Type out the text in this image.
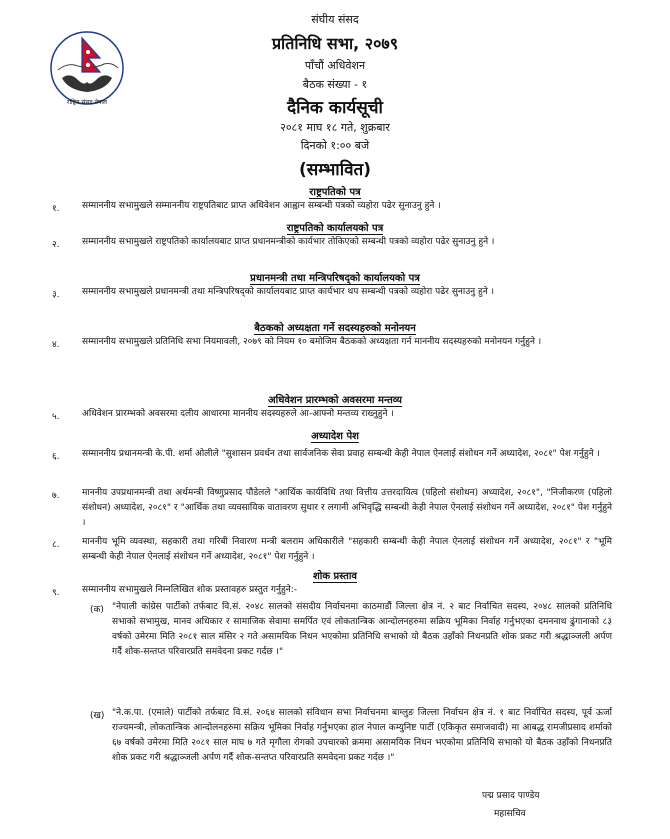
राष्ट्रिय संसद नेपाल
संघीय संसद
प्रतिनिधि सभा, २०७९
पाँचौं अधिवेशन
बैठक संख्या - १
दैनिक कार्यसूची
२०८१ माघ १८ गते, शुक्रबार
दिनको १:०० बजे
(सम्भावित)
राष्ट्रपतिको पत्र
१. सम्माननीय सभामुखले सम्माननीय राष्ट्रपतिबाट प्राप्त अधिवेशन आह्वान सम्बन्धी पत्रको व्यहोरा पढेर सुनाउनु हुने ।
राष्ट्रपतिको कार्यालयको पत्र
२. सम्माननीय सभामुखले राष्ट्रपतिको कार्यालयबाट प्राप्त प्रधानमन्त्रीको कार्यभार तोकिएको सम्बन्धी पत्रको व्यहोरा पढेर सुनाउनु हुने ।
प्रधानमन्त्री तथा मन्त्रिपरिषद्को कार्यालयको पत्र
३. सम्माननीय सभामुखले प्रधानमन्त्री तथा मन्त्रिपरिषद्को कार्यालयबाट प्राप्त कार्यभार थप सम्बन्धी पत्रको व्यहोरा पढेर सुनाउनु हुने ।
बैठकको अध्यक्षता गर्ने सदस्यहरुको मनोनयन
४. सम्माननीय सभामुखले प्रतिनिधि सभा नियमावली, २०७९ को नियम १० बमोजिम बैठकको अध्यक्षता गर्न माननीय सदस्यहरुको मनोनयन गर्नुहुने ।
अधिवेशन प्रारम्भको अवसरमा मन्तव्य
५. अधिवेशन प्रारम्भको अवसरमा दलीय आधारमा माननीय सदस्यहरुले आ-आफ्नो मन्तव्य राख्नुहुने ।
अध्यादेश पेश
६. सम्माननीय प्रधानमन्त्री के.पी. शर्मा ओलीले "सुशासन प्रवर्धन तथा सार्वजनिक सेवा प्रवाह सम्बन्धी केही नेपाल ऐनलाई संशोधन गर्ने अध्यादेश, २०८१" पेश गर्नुहुने ।
७. माननीय उपप्रधानमन्त्री तथा अर्थमन्त्री विष्णुप्रसाद पौडेलले "आर्थिक कार्यविधि तथा वित्तीय उत्तरदायित्व (पहिलो संशोधन) अध्यादेश, २०८१", "निजीकरण (पहिलो संशोधन) अध्यादेश, २०८१" र "आर्थिक तथा व्यवसायिक वातावरण सुधार र लगानी अभिवृद्धि सम्बन्धी केही नेपाल ऐनलाई संशोधन गर्ने अध्यादेश, २०८१" पेश गर्नुहुने ।
८. माननीय भूमि व्यवस्था, सहकारी तथा गरिबी निवारण मन्त्री बलराम अधिकारीले "सहकारी सम्बन्धी केही नेपाल ऐनलाई संशोधन गर्ने अध्यादेश, २०८१" र "भूमि सम्बन्धी केही नेपाल ऐनलाई संशोधन गर्ने अध्यादेश, २०८१" पेश गर्नुहुने ।
शोक प्रस्ताव
९. सम्माननीय सभामुखले निम्नलिखित शोक प्रस्तावहरु प्रस्तुत गर्नुहुने:-
(क) "नेपाली कांग्रेस पार्टीको तर्फबाट वि.सं. २०४८ सालको संसदीय निर्वाचनमा काठमाडौं जिल्ला क्षेत्र नं. २ बाट निर्वाचित सदस्य, २०४८ सालको प्रतिनिधि सभाको सभामुख, मानव अधिकार र सामाजिक सेवामा समर्पित एवं लोकतान्त्रिक आन्दोलनहरुमा सक्रिय भूमिका निर्वाह गर्नुभएका दमननाथ ढुंगानाको ८३ वर्षको उमेरमा मिति २०८१ साल मंसिर २ गते असामयिक निधन भएकोमा प्रतिनिधि सभाको यो बैठक उहाँको निधनप्रति शोक प्रकट गरी श्रद्धाञ्जली अर्पण गर्दै शोक-सन्तप्त परिवारप्रति समवेदना प्रकट गर्दछ ।"
(ख) "ने.क.पा. (एमाले) पार्टीको तर्फबाट वि.सं. २०६४ सालको संविधान सभा निर्वाचनमा बाग्लुङ जिल्ला निर्वाचन क्षेत्र नं. १ बाट निर्वाचित सदस्य, पूर्व ऊर्जा राज्यमन्त्री, लोकतान्त्रिक आन्दोलनहरुमा सक्रिय भूमिका निर्वाह गर्नुभएका हाल नेपाल कम्युनिष्ट पार्टी (एकिकृत समाजवादी) मा आबद्ध रामजीप्रसाद शर्माको ६७ वर्षको उमेरमा मिति २०८१ साल माघ ७ गते मृगौला रोगको उपचारको क्रममा असामयिक निधन भएकोमा प्रतिनिधि सभाको यो बैठक उहाँको निधनप्रति शोक प्रकट गरी श्रद्धाञ्जली अर्पण गर्दै शोक-सन्तप्त परिवारप्रति समवेदना प्रकट गर्दछ ।"
पद्म प्रसाद पाण्डेय
महासचिव
